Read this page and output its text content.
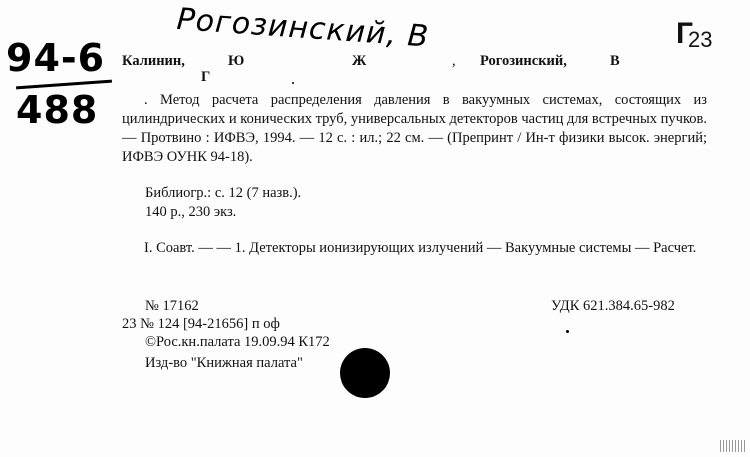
Рогозинский, В
94-6
488
Г
23
Калинин,	Ю	Ж	, Рогозинский,	В
Г

. Метод расчета распределения давления в вакуумных системах, состоящих из цилиндрических и конических труб, универсальных детекторов частиц для встречных пучков. — Протвино : ИФВЭ, 1994. — 12 с. : ил.; 22 см. — (Препринт / Ин-т физики высок. энергий; ИФВЭ ОУНК 94-18).

Библиогр.: с. 12 (7 назв.).
140 р., 230 экз.

I. Соавт. — — 1. Детекторы ионизирующих излучений — Вакуумные системы — Расчет.

№ 17162	УДК 621.384.65-982
23 № 124 [94-21656] п оф
©Рос.кн.палата 19.09.94 К172
Изд-во "Книжная палата"
